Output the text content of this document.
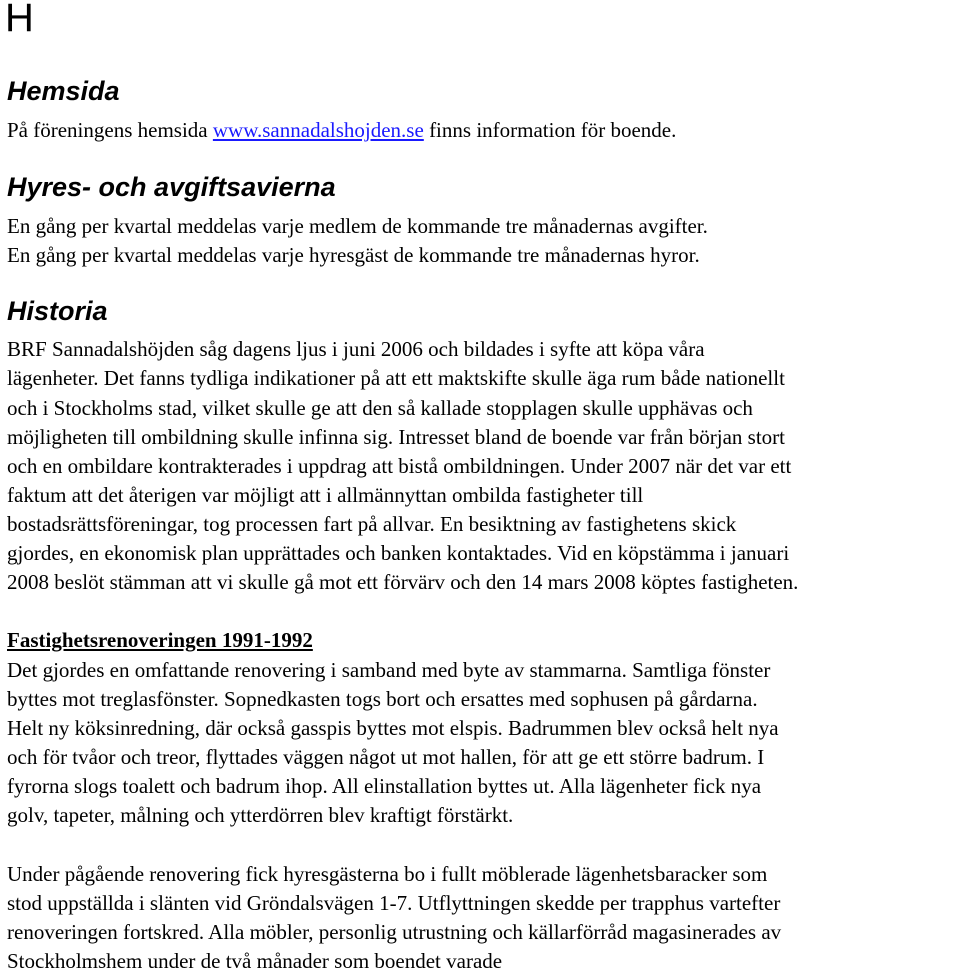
H
Hemsida
På föreningens hemsida www.sannadalshojden.se finns information för boende.
Hyres- och avgiftsavierna
En gång per kvartal meddelas varje medlem de kommande tre månadernas avgifter.
En gång per kvartal meddelas varje hyresgäst de kommande tre månadernas hyror.
Historia
BRF Sannadalshöjden såg dagens ljus i juni 2006 och bildades i syfte att köpa våra
lägenheter. Det fanns tydliga indikationer på att ett maktskifte skulle äga rum både nationellt
och i Stockholms stad, vilket skulle ge att den så kallade stopplagen skulle upphävas och
möjligheten till ombildning skulle infinna sig. Intresset bland de boende var från början stort
och en ombildare kontrakterades i uppdrag att bistå ombildningen. Under 2007 när det var ett
faktum att det återigen var möjligt att i allmännyttan ombilda fastigheter till
bostadsrättsföreningar, tog processen fart på allvar. En besiktning av fastighetens skick
gjordes, en ekonomisk plan upprättades och banken kontaktades. Vid en köpstämma i januari
2008 beslöt stämman att vi skulle gå mot ett förvärv och den 14 mars 2008 köptes fastigheten.
Fastighetsrenoveringen 1991-1992
Det gjordes en omfattande renovering i samband med byte av stammarna. Samtliga fönster
byttes mot treglasfönster. Sopnedkasten togs bort och ersattes med sophusen på gårdarna.
Helt ny köksinredning, där också gasspis byttes mot elspis. Badrummen blev också helt nya
och för tvåor och treor, flyttades väggen något ut mot hallen, för att ge ett större badrum. I
fyrorna slogs toalett och badrum ihop. All elinstallation byttes ut. Alla lägenheter fick nya
golv, tapeter, målning och ytterdörren blev kraftigt förstärkt.
Under pågående renovering fick hyresgästerna bo i fullt möblerade lägenhetsbaracker som
stod uppställda i slänten vid Gröndalsvägen 1-7. Utflyttningen skedde per trapphus vartefter
renoveringen fortskred. Alla möbler, personlig utrustning och källarförråd magasinerades av
Stockholmshem under de två månader som boendet varade
